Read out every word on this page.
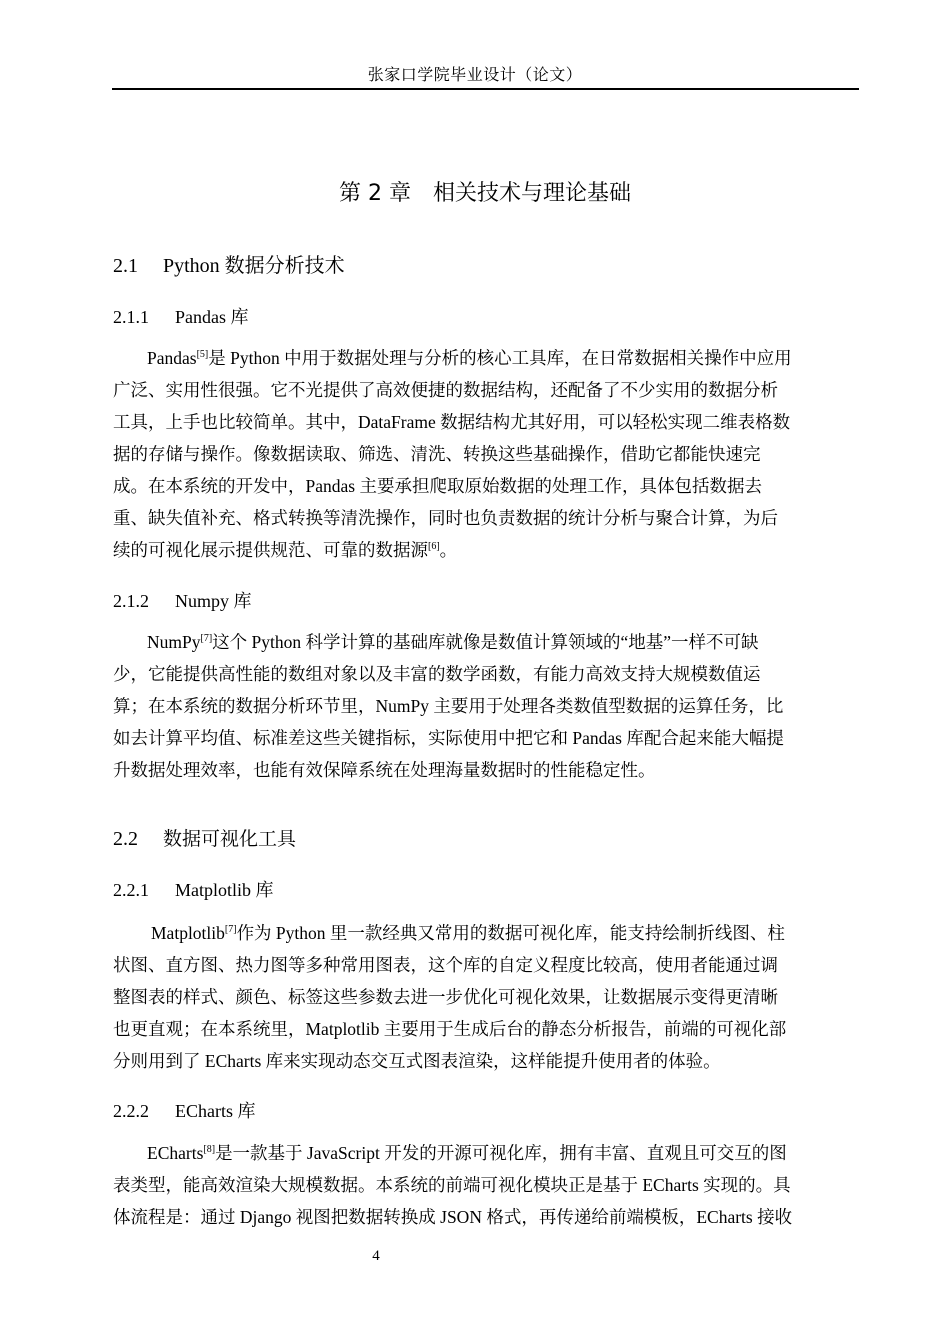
张家口学院毕业设计（论文）
第 2 章 相关技术与理论基础
2.1 Python 数据分析技术
2.1.1 Pandas 库
Pandas[5]是 Python 中用于数据处理与分析的核心工具库，在日常数据相关操作中应用
广泛、实用性很强。它不光提供了高效便捷的数据结构，还配备了不少实用的数据分析
工具，上手也比较简单。其中，DataFrame 数据结构尤其好用，可以轻松实现二维表格数
据的存储与操作。像数据读取、筛选、清洗、转换这些基础操作，借助它都能快速完
成。在本系统的开发中，Pandas 主要承担爬取原始数据的处理工作，具体包括数据去
重、缺失值补充、格式转换等清洗操作，同时也负责数据的统计分析与聚合计算，为后
续的可视化展示提供规范、可靠的数据源[6]。
2.1.2 Numpy 库
NumPy[7]这个 Python 科学计算的基础库就像是数值计算领域的“地基”一样不可缺
少，它能提供高性能的数组对象以及丰富的数学函数，有能力高效支持大规模数值运
算；在本系统的数据分析环节里，NumPy 主要用于处理各类数值型数据的运算任务，比
如去计算平均值、标准差这些关键指标，实际使用中把它和 Pandas 库配合起来能大幅提
升数据处理效率，也能有效保障系统在处理海量数据时的性能稳定性。
2.2 数据可视化工具
2.2.1 Matplotlib 库
Matplotlib[7]作为 Python 里一款经典又常用的数据可视化库，能支持绘制折线图、柱
状图、直方图、热力图等多种常用图表，这个库的自定义程度比较高，使用者能通过调
整图表的样式、颜色、标签这些参数去进一步优化可视化效果，让数据展示变得更清晰
也更直观；在本系统里，Matplotlib 主要用于生成后台的静态分析报告，前端的可视化部
分则用到了 ECharts 库来实现动态交互式图表渲染，这样能提升使用者的体验。
2.2.2 ECharts 库
ECharts[8]是一款基于 JavaScript 开发的开源可视化库，拥有丰富、直观且可交互的图
表类型，能高效渲染大规模数据。本系统的前端可视化模块正是基于 ECharts 实现的。具
体流程是：通过 Django 视图把数据转换成 JSON 格式，再传递给前端模板，ECharts 接收
4
